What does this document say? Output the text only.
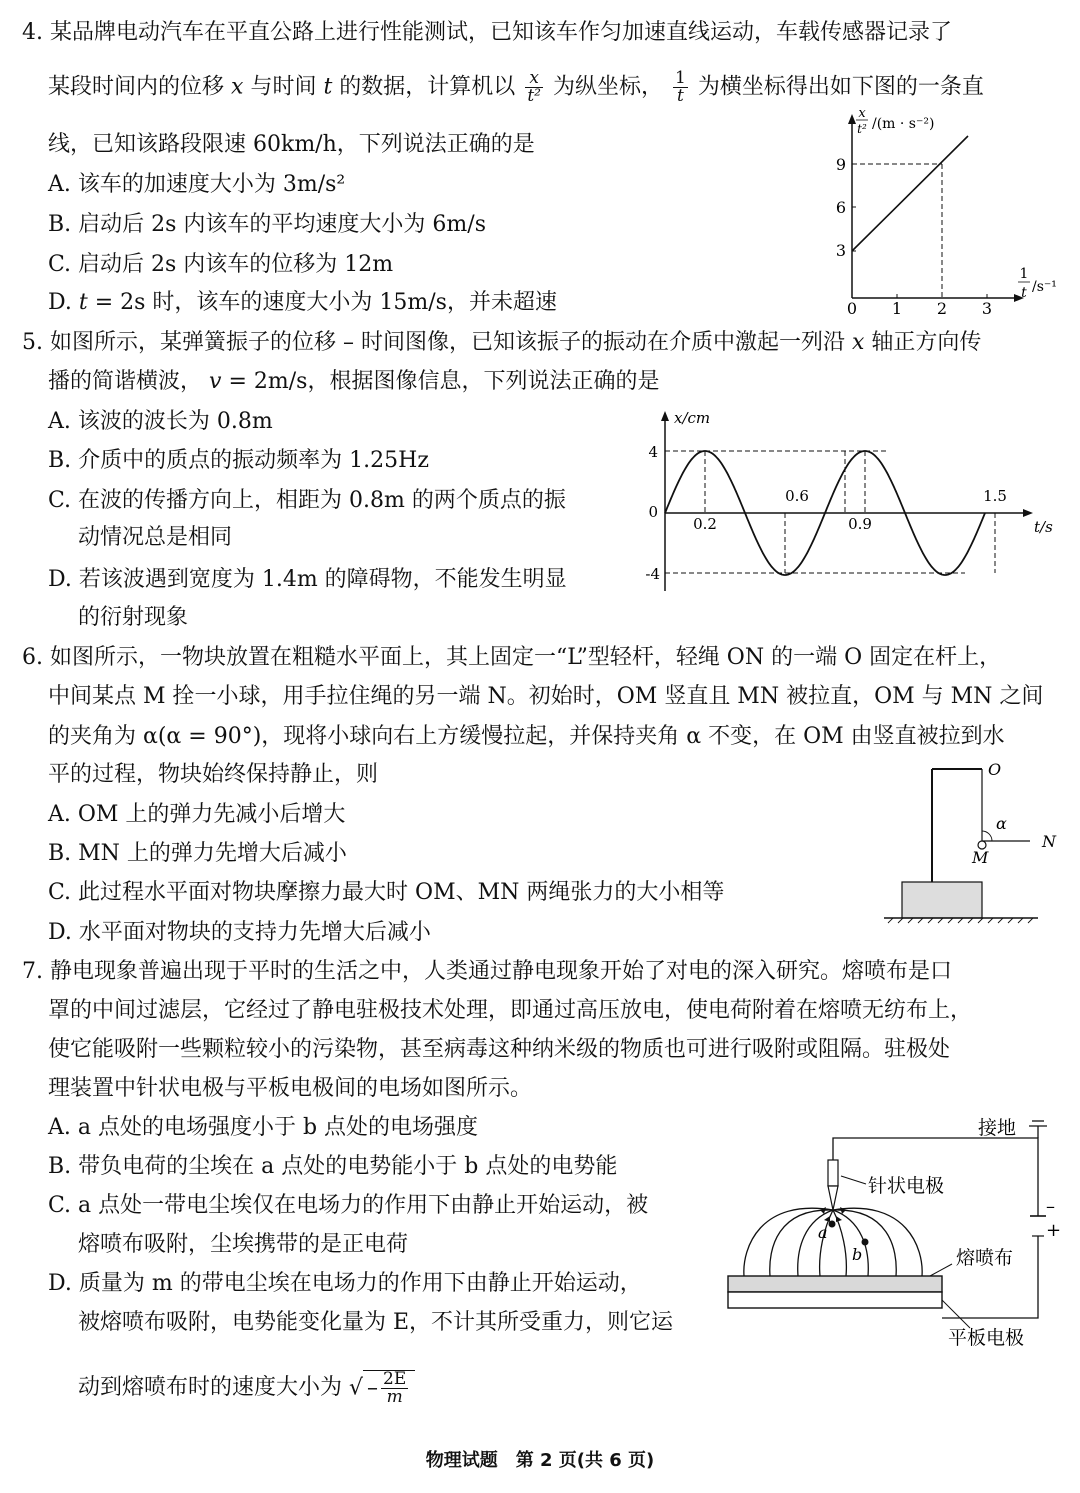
4. 某品牌电动汽车在平直公路上进行性能测试，已知该车作匀加速直线运动，车载传感器记录了
某段时间内的位移 x 与时间 t 的数据，计算机以 $\frac{x}{\text{t²}}$ 为纵坐标， $\frac{1}{t}$ 为横坐标得出如下图的一条直
线，已知该路段限速 60km/h，下列说法正确的是
A. 该车的加速度大小为 3m/s²
B. 启动后 2s 内该车的平均速度大小为 6m/s
C. 启动后 2s 内该车的位移为 12m
D. t = 2s 时，该车的速度大小为 15m/s，并未超速
3
6
9
0 1 2 3
x
t² /(m · s⁻²)
1
t /s⁻¹
5. 如图所示，某弹簧振子的位移 – 时间图像，已知该振子的振动在介质中激起一列沿 x 轴正方向传
播的简谐横波， v = 2m/s，根据图像信息，下列说法正确的是
A. 该波的波长为 0.8m
B. 介质中的质点的振动频率为 1.25Hz
C. 在波的传播方向上，相距为 0.8m 的两个质点的振
动情况总是相同
D. 若该波遇到宽度为 1.4m 的障碍物，不能发生明显
的衍射现象
x/cm
4
0
-4
0.2
0.6
0.9
1.5
t/s
6. 如图所示，一物块放置在粗糙水平面上，其上固定一“L”型轻杆，轻绳 ON 的一端 O 固定在杆上，
中间某点 M 拴一小球，用手拉住绳的另一端 N。初始时，OM 竖直且 MN 被拉直，OM 与 MN 之间
的夹角为 α(α = 90°)，现将小球向右上方缓慢拉起，并保持夹角 α 不变，在 OM 由竖直被拉到水
平的过程，物块始终保持静止，则
A. OM 上的弹力先减小后增大
B. MN 上的弹力先增大后减小
C. 此过程水平面对物块摩擦力最大时 OM、MN 两绳张力的大小相等
D. 水平面对物块的支持力先增大后减小
O
α
M
N
7. 静电现象普遍出现于平时的生活之中，人类通过静电现象开始了对电的深入研究。熔喷布是口
罩的中间过滤层，它经过了静电驻极技术处理，即通过高压放电，使电荷附着在熔喷无纺布上，
使它能吸附一些颗粒较小的污染物，甚至病毒这种纳米级的物质也可进行吸附或阻隔。驻极处
理装置中针状电极与平板电极间的电场如图所示。
A. a 点处的电场强度小于 b 点处的电场强度
B. 带负电荷的尘埃在 a 点处的电势能小于 b 点处的电势能
C. a 点处一带电尘埃仅在电场力的作用下由静止开始运动，被
熔喷布吸附，尘埃携带的是正电荷
D. 质量为 m 的带电尘埃在电场力的作用下由静止开始运动，
被熔喷布吸附，电势能变化量为 E，不计其所受重力，则它运
动到熔喷布时的速度大小为 √ – $\frac{2E}{m}$
接地
针状电极
熔喷布
平板电极
–
+
a
b
物理试题　第 2 页(共 6 页)
